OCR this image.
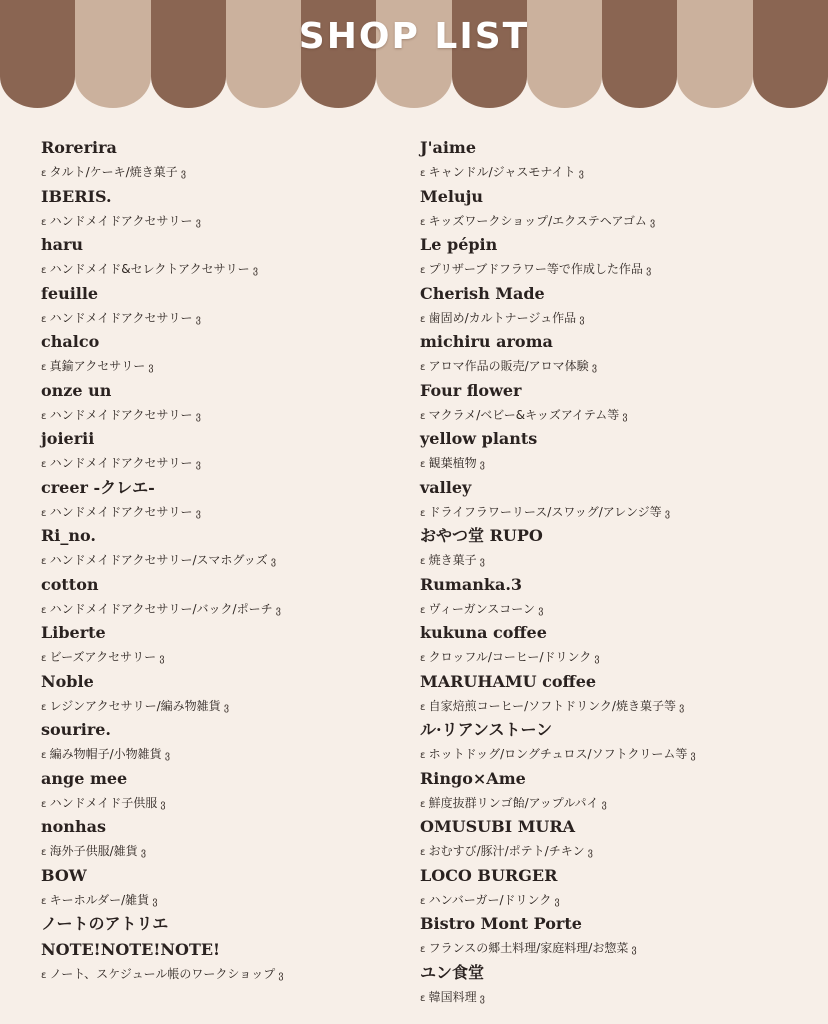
SHOP LIST
Rorerira
ε タルト/ケーキ/焼き菓子 ვ
IBERIS.
ε ハンドメイドアクセサリー ვ
haru
ε ハンドメイド&セレクトアクセサリー ვ
feuille
ε ハンドメイドアクセサリー ვ
chalco
ε 真鍮アクセサリー ვ
onze un
ε ハンドメイドアクセサリー ვ
joierii
ε ハンドメイドアクセサリー ვ
creer -クレエ-
ε ハンドメイドアクセサリー ვ
Ri_no.
ε ハンドメイドアクセサリー/スマホグッズ ვ
cotton
ε ハンドメイドアクセサリー/バック/ポーチ ვ
Liberte
ε ビーズアクセサリー ვ
Noble
ε レジンアクセサリー/編み物雑貨 ვ
sourire.
ε 編み物帽子/小物雑貨 ვ
ange mee
ε ハンドメイド子供服 ვ
nonhas
ε 海外子供服/雑貨 ვ
BOW
ε キーホルダー/雑貨 ვ
ノートのアトリエ
NOTE!NOTE!NOTE!
ε ノート、スケジュール帳のワークショップ ვ
J'aime
ε キャンドル/ジャスモナイト ვ
Meluju
ε キッズワークショップ/エクステヘアゴム ვ
Le pépin
ε プリザーブドフラワー等で作成した作品 ვ
Cherish Made
ε 歯固め/カルトナージュ作品 ვ
michiru aroma
ε アロマ作品の販売/アロマ体験 ვ
Four flower
ε マクラメ/ベビー&キッズアイテム等 ვ
yellow plants
ε 観葉植物 ვ
valley
ε ドライフラワーリース/スワッグ/アレンジ等 ვ
おやつ堂 RUPO
ε 焼き菓子 ვ
Rumanka.3
ε ヴィーガンスコーン ვ
kukuna coffee
ε クロッフル/コーヒー/ドリンク ვ
MARUHAMU coffee
ε 自家焙煎コーヒー/ソフトドリンク/焼き菓子等 ვ
ル·リアンストーン
ε ホットドッグ/ロングチュロス/ソフトクリーム等 ვ
Ringo×Ame
ε 鮮度抜群リンゴ飴/アップルパイ ვ
OMUSUBI MURA
ε おむすび/豚汁/ポテト/チキン ვ
LOCO BURGER
ε ハンバーガー/ドリンク ვ
Bistro Mont Porte
ε フランスの郷土料理/家庭料理/お惣菜 ვ
ユン食堂
ε 韓国料理 ვ
